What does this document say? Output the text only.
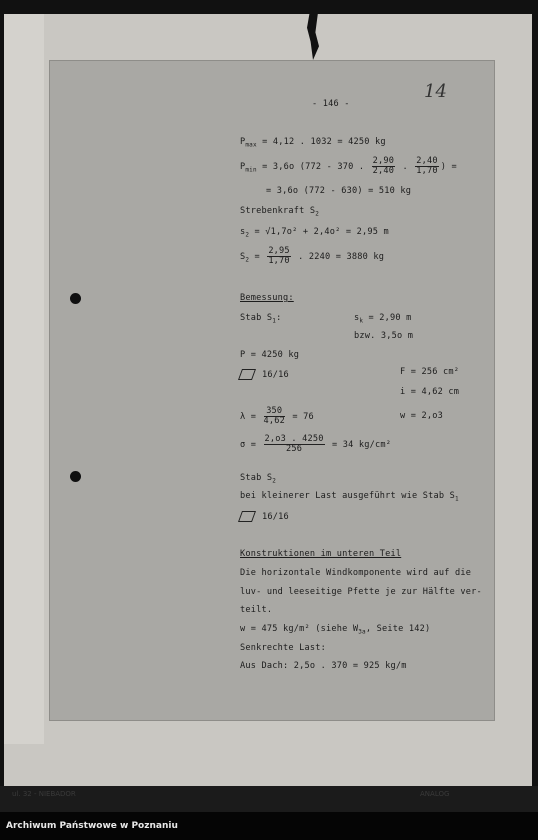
- 146 -
14
$P_{max} = 4,12$ . 1032 = 4250 kg
$P_{min} = 3,6o$ (772 - 370 . $\frac{2,90}{2,40}$ . $\frac{2,40}{1,70}$ ) =
= 3,6o (772 - 630) = 510 kg
Strebenkraft $S_2$
$s_2 = √1,7o^2 + 2,4o^2 = 2,95$ m
$S_2 = \frac{2,95}{1,70}$ . 2240 = 3880 kg
Bemessung:
Stab $S_1$:	$s_k = 2,90$ m
bzw. 3,5o m
P = 4250 kg
16/16	F = 256 cm²
i = 4,62 cm
$\lambda = \frac{350}{4,62} = 76$	w = 2,o3
$\sigma = \frac{2,o3 . 4250}{256} = 34$ kg/cm²
Stab $S_2$
bei kleinerer Last ausgeführt wie Stab $S_1$
16/16
Konstruktionen im unteren Teil
Die horizontale Windkomponente wird auf die
luv- und leeseitige Pfette je zur Hälfte ver-
teilt.
w = 475 kg/m² (siehe $W_{3a}$, Seite 142)
Senkrechte Last:
Aus Dach: 2,5o . 370 = 925 kg/m
ul. 32 - NIEBADOR	ANALOG
Archiwum Państwowe w Poznaniu
